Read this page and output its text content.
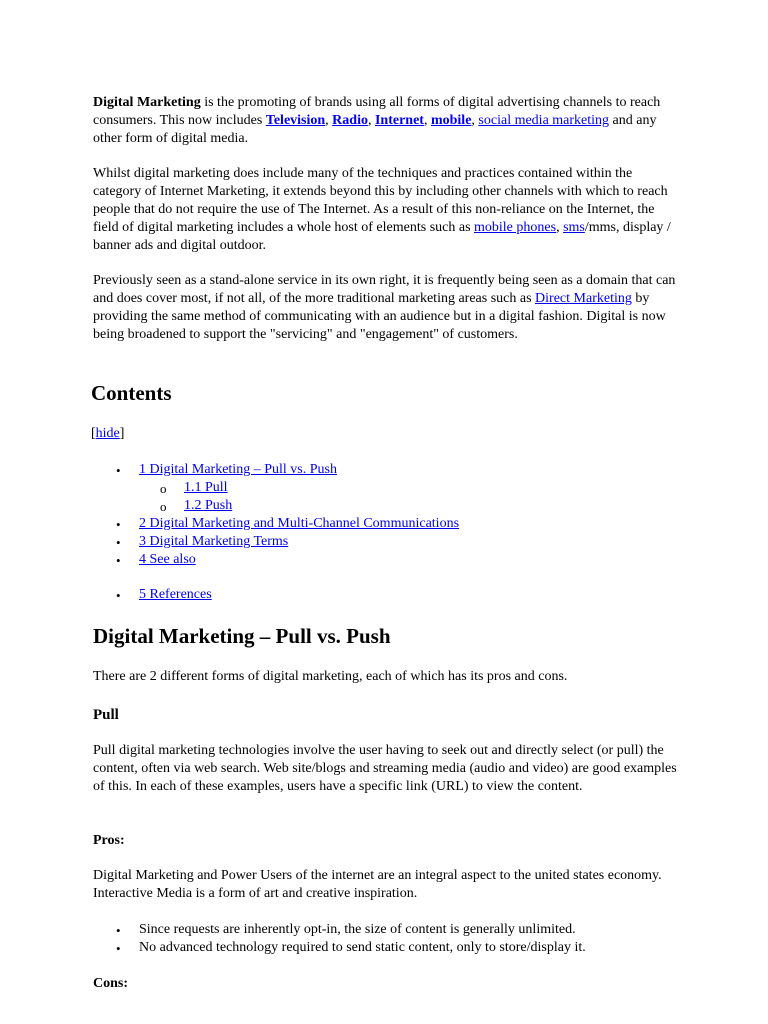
Digital Marketing is the promoting of brands using all forms of digital advertising channels to reach consumers. This now includes Television, Radio, Internet, mobile, social media marketing and any other form of digital media.

Whilst digital marketing does include many of the techniques and practices contained within the category of Internet Marketing, it extends beyond this by including other channels with which to reach people that do not require the use of The Internet. As a result of this non-reliance on the Internet, the field of digital marketing includes a whole host of elements such as mobile phones, sms/mms, display / banner ads and digital outdoor.

Previously seen as a stand-alone service in its own right, it is frequently being seen as a domain that can and does cover most, if not all, of the more traditional marketing areas such as Direct Marketing by providing the same method of communicating with an audience but in a digital fashion. Digital is now being broadened to support the "servicing" and "engagement" of customers.

Contents
[hide]
• 1 Digital Marketing – Pull vs. Push
o 1.1 Pull
o 1.2 Push
• 2 Digital Marketing and Multi-Channel Communications
• 3 Digital Marketing Terms
• 4 See also
• 5 References
Digital Marketing – Pull vs. Push

There are 2 different forms of digital marketing, each of which has its pros and cons.

Pull

Pull digital marketing technologies involve the user having to seek out and directly select (or pull) the content, often via web search. Web site/blogs and streaming media (audio and video) are good examples of this. In each of these examples, users have a specific link (URL) to view the content.

Pros:

Digital Marketing and Power Users of the internet are an integral aspect to the united states economy. Interactive Media is a form of art and creative inspiration.

• Since requests are inherently opt-in, the size of content is generally unlimited.
• No advanced technology required to send static content, only to store/display it.
Cons:
